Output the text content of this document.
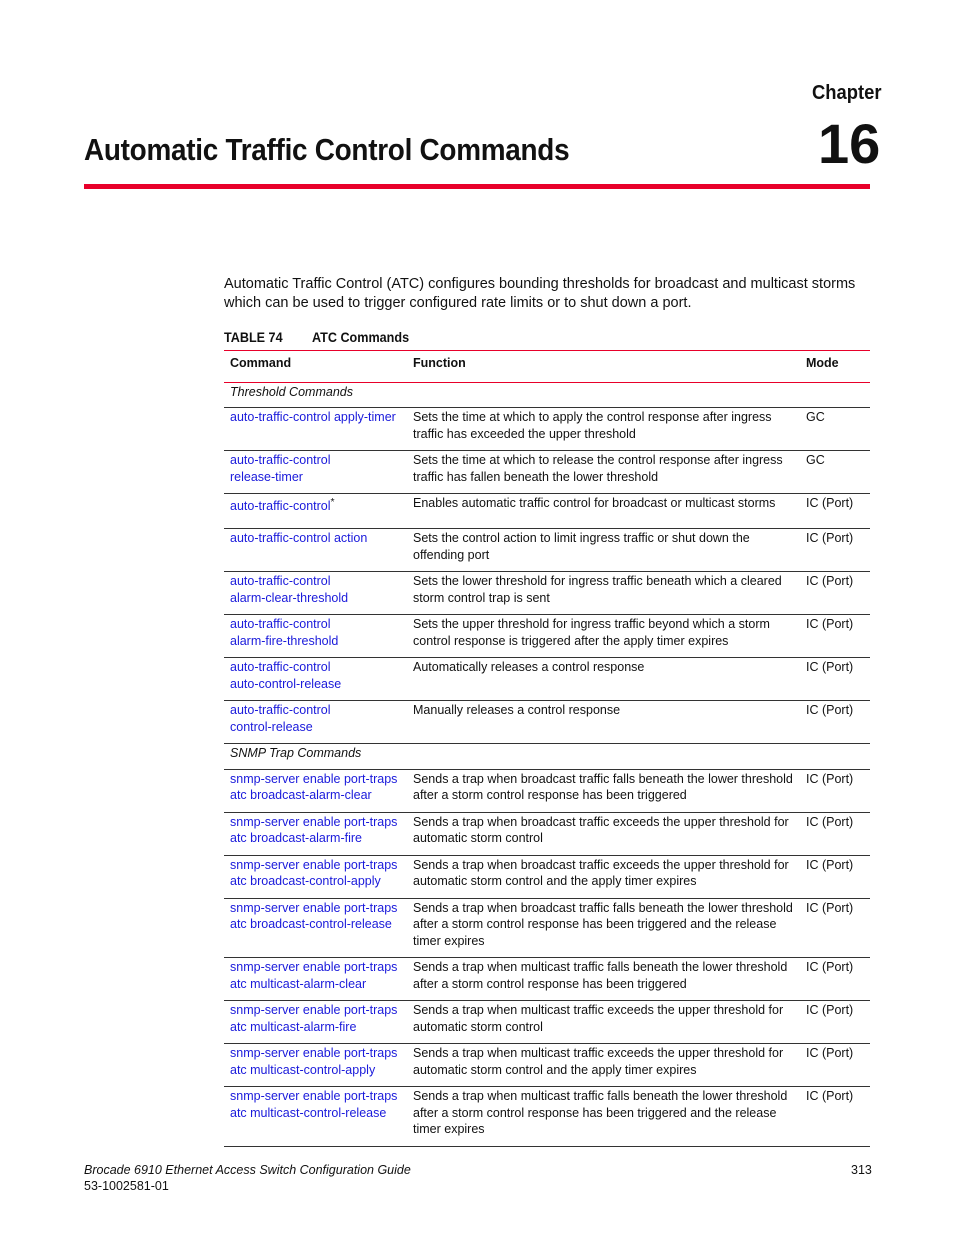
Chapter
16
Automatic Traffic Control Commands

Automatic Traffic Control (ATC) configures bounding thresholds for broadcast and multicast storms which can be used to trigger configured rate limits or to shut down a port.

TABLE 74 ATC Commands
Command	Function	Mode
Threshold Commands		
auto-traffic-control apply-timer	Sets the time at which to apply the control response after ingress traffic has exceeded the upper threshold	GC
auto-traffic-control
release-timer	Sets the time at which to release the control response after ingress traffic has fallen beneath the lower threshold	GC
auto-traffic-control*	Enables automatic traffic control for broadcast or multicast storms	IC (Port)
auto-traffic-control action	Sets the control action to limit ingress traffic or shut down the offending port	IC (Port)
auto-traffic-control
alarm-clear-threshold	Sets the lower threshold for ingress traffic beneath which a cleared storm control trap is sent	IC (Port)
auto-traffic-control
alarm-fire-threshold	Sets the upper threshold for ingress traffic beyond which a storm control response is triggered after the apply timer expires	IC (Port)
auto-traffic-control
auto-control-release	Automatically releases a control response	IC (Port)
auto-traffic-control
control-release	Manually releases a control response	IC (Port)
SNMP Trap Commands		
snmp-server enable port-traps
atc broadcast-alarm-clear	Sends a trap when broadcast traffic falls beneath the lower threshold after a storm control response has been triggered	IC (Port)
snmp-server enable port-traps
atc broadcast-alarm-fire	Sends a trap when broadcast traffic exceeds the upper threshold for automatic storm control	IC (Port)
snmp-server enable port-traps
atc broadcast-control-apply	Sends a trap when broadcast traffic exceeds the upper threshold for automatic storm control and the apply timer expires	IC (Port)
snmp-server enable port-traps
atc broadcast-control-release	Sends a trap when broadcast traffic falls beneath the lower threshold after a storm control response has been triggered and the release timer expires	IC (Port)
snmp-server enable port-traps
atc multicast-alarm-clear	Sends a trap when multicast traffic falls beneath the lower threshold after a storm control response has been triggered	IC (Port)
snmp-server enable port-traps
atc multicast-alarm-fire	Sends a trap when multicast traffic exceeds the upper threshold for automatic storm control	IC (Port)
snmp-server enable port-traps
atc multicast-control-apply	Sends a trap when multicast traffic exceeds the upper threshold for automatic storm control and the apply timer expires	IC (Port)
snmp-server enable port-traps
atc multicast-control-release	Sends a trap when multicast traffic falls beneath the lower threshold after a storm control response has been triggered and the release timer expires	IC (Port)
Brocade 6910 Ethernet Access Switch Configuration Guide
53-1002581-01
313
